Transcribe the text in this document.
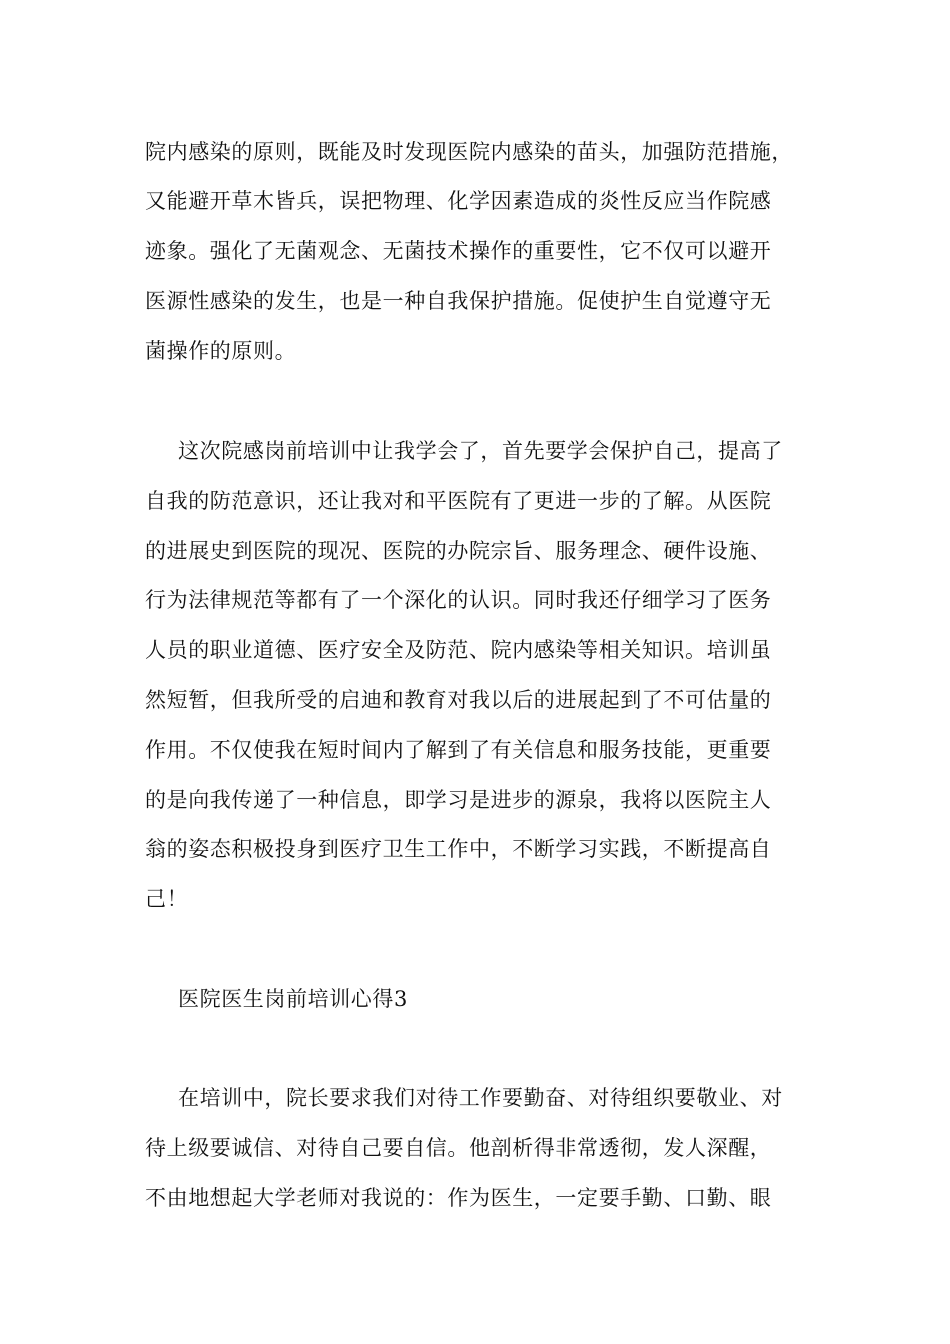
院内感染的原则，既能及时发现医院内感染的苗头，加强防范措施，
又能避开草木皆兵，误把物理、化学因素造成的炎性反应当作院感
迹象。强化了无菌观念、无菌技术操作的重要性，它不仅可以避开
医源性感染的发生，也是一种自我保护措施。促使护生自觉遵守无
菌操作的原则。
这次院感岗前培训中让我学会了，首先要学会保护自己，提高了
自我的防范意识，还让我对和平医院有了更进一步的了解。从医院
的进展史到医院的现况、医院的办院宗旨、服务理念、硬件设施、
行为法律规范等都有了一个深化的认识。同时我还仔细学习了医务
人员的职业道德、医疗安全及防范、院内感染等相关知识。培训虽
然短暂，但我所受的启迪和教育对我以后的进展起到了不可估量的
作用。不仅使我在短时间内了解到了有关信息和服务技能，更重要
的是向我传递了一种信息，即学习是进步的源泉，我将以医院主人
翁的姿态积极投身到医疗卫生工作中，不断学习实践，不断提高自
己！
医院医生岗前培训心得3
在培训中，院长要求我们对待工作要勤奋、对待组织要敬业、对
待上级要诚信、对待自己要自信。他剖析得非常透彻，发人深醒，
不由地想起大学老师对我说的：作为医生，一定要手勤、口勤、眼
